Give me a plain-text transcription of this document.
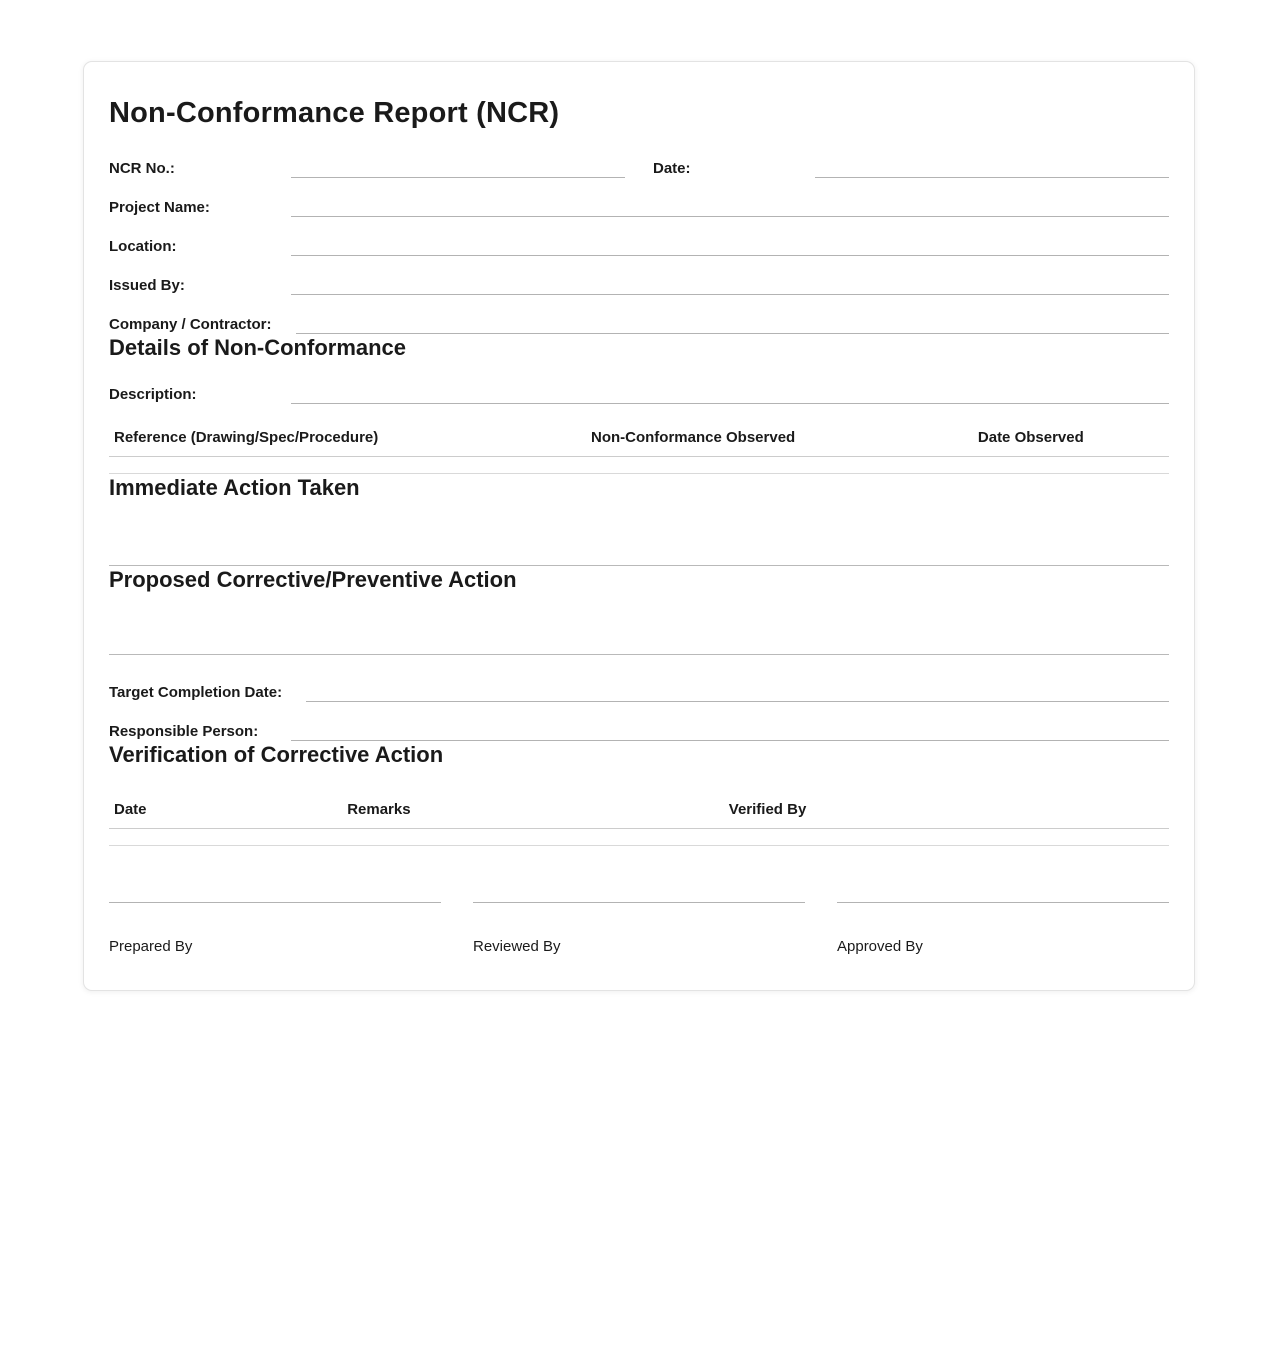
Non-Conformance Report (NCR)
NCR No.:	Date:
Project Name:
Location:
Issued By:
Company / Contractor:
Details of Non-Conformance
Description:
Reference (Drawing/Spec/Procedure)	Non-Conformance Observed	Date Observed

Immediate Action Taken
Proposed Corrective/Preventive Action
Target Completion Date:
Responsible Person:
Verification of Corrective Action
Date	Remarks	Verified By

Prepared By	Reviewed By	Approved By
